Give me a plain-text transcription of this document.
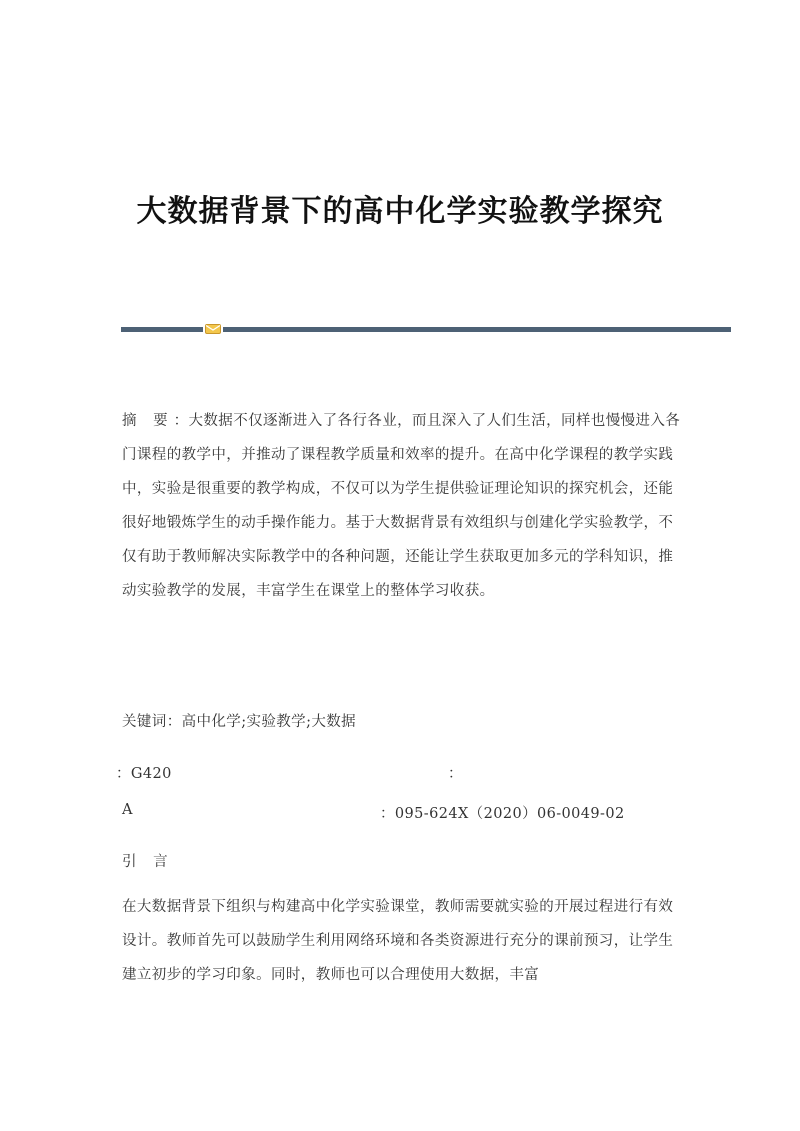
大数据背景下的高中化学实验教学探究
摘 要：大数据不仅逐渐进入了各行各业，而且深入了人们生活，同样也慢慢进入各门课程的教学中，并推动了课程教学质量和效率的提升。在高中化学课程的教学实践中，实验是很重要的教学构成，不仅可以为学生提供验证理论知识的探究机会，还能很好地锻炼学生的动手操作能力。基于大数据背景有效组织与创建化学实验教学，不仅有助于教师解决实际教学中的各种问题，还能让学生获取更加多元的学科知识，推动实验教学的发展，丰富学生在课堂上的整体学习收获。
关键词：高中化学;实验教学;大数据
：G420	：
A	：095-624X（2020）06-0049-02
引 言
在大数据背景下组织与构建高中化学实验课堂，教师需要就实验的开展过程进行有效设计。教师首先可以鼓励学生利用网络环境和各类资源进行充分的课前预习，让学生建立初步的学习印象。同时，教师也可以合理使用大数据，丰富
